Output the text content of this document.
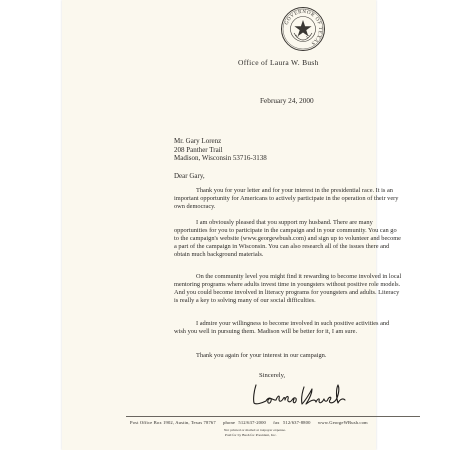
GOVERNOR OF TEXAS
Office of Laura W. Bush
February 24, 2000
Mr. Gary Lorenz
208 Panther Trail
Madison, Wisconsin 53716-3138
Dear Gary,
Thank you for your letter and for your interest in the presidential race. It is an important opportunity for Americans to actively participate in the operation of their very own democracy.
I am obviously pleased that you support my husband. There are many opportunities for you to participate in the campaign and in your community. You can go to the campaign's website (www.georgewbush.com) and sign up to volunteer and become a part of the campaign in Wisconsin. You can also research all of the issues there and obtain much background materials.
On the community level you might find it rewarding to become involved in local mentoring programs where adults invest time in youngsters without positive role models. And you could become involved in literacy programs for youngsters and adults. Literacy is really a key to solving many of our social difficulties.
I admire your willingness to become involved in such positive activities and wish you well in pursuing them. Madison will be better for it, I am sure.
Thank you again for your interest in our campaign.
Sincerely,
Post Office Box 1902, Austin, Texas 78767 phone 512/637-2000 fax 512/637-8800 www.GeorgeWBush.com
Not printed or mailed at taxpayer expense.
Paid for by Bush for President, Inc.
